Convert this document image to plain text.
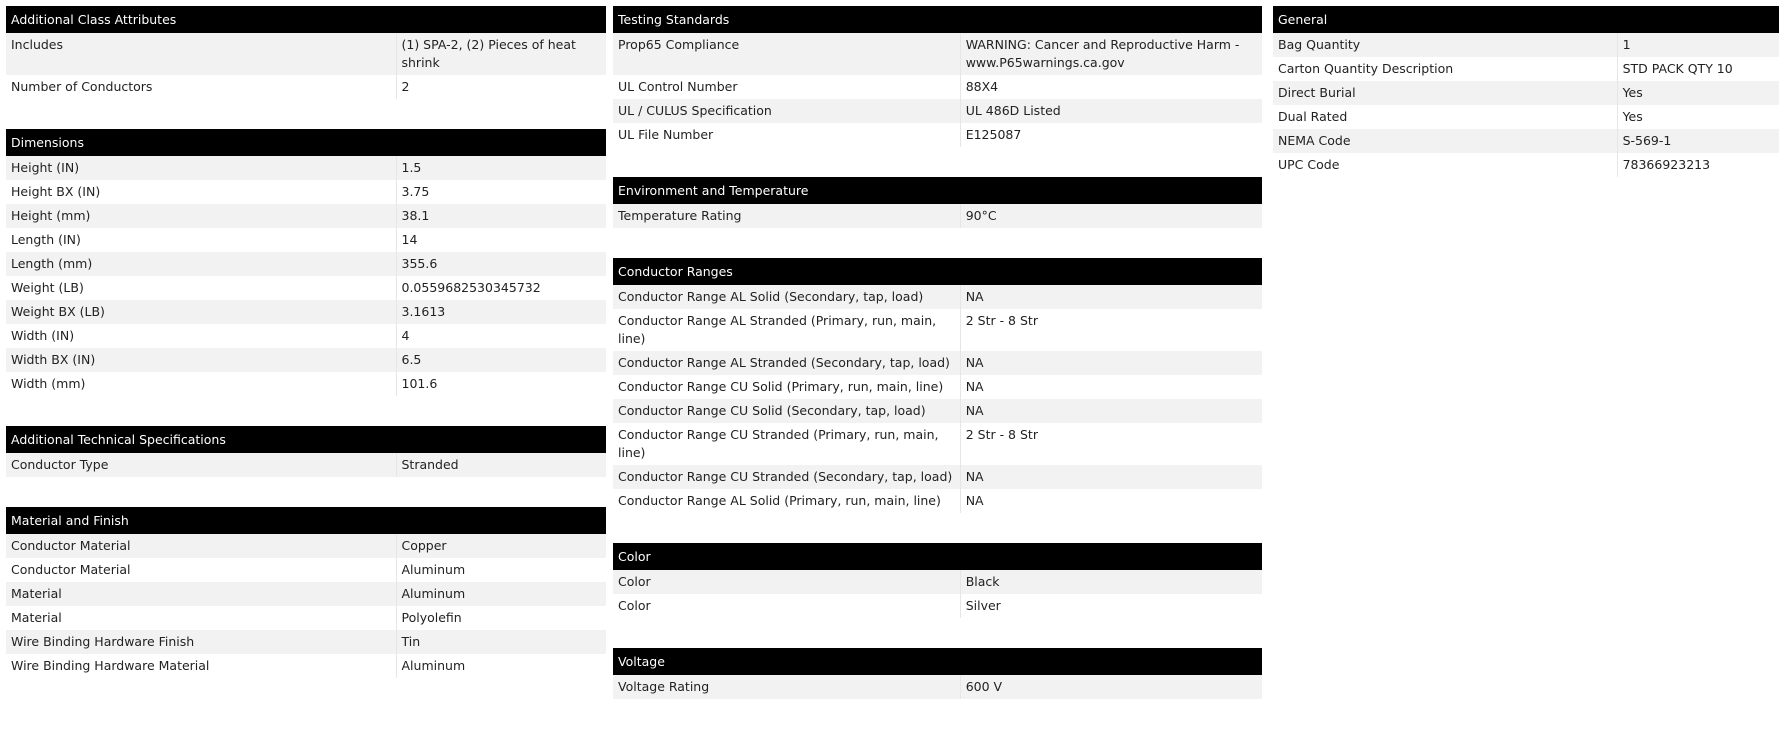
Additional Class Attributes
Includes	(1) SPA-2, (2) Pieces of heat shrink
Number of Conductors	2
Dimensions
Height (IN)	1.5
Height BX (IN)	3.75
Height (mm)	38.1
Length (IN)	14
Length (mm)	355.6
Weight (LB)	0.0559682530345732
Weight BX (LB)	3.1613
Width (IN)	4
Width BX (IN)	6.5
Width (mm)	101.6
Additional Technical Specifications
Conductor Type	Stranded
Material and Finish
Conductor Material	Copper
Conductor Material	Aluminum
Material	Aluminum
Material	Polyolefin
Wire Binding Hardware Finish	Tin
Wire Binding Hardware Material	Aluminum
Testing Standards
Prop65 Compliance	WARNING: Cancer and Reproductive Harm - www.P65warnings.ca.gov
UL Control Number	88X4
UL / CULUS Specification	UL 486D Listed
UL File Number	E125087
Environment and Temperature
Temperature Rating	90°C
Conductor Ranges
Conductor Range AL Solid (Secondary, tap, load)	NA
Conductor Range AL Stranded (Primary, run, main, line)	2 Str - 8 Str
Conductor Range AL Stranded (Secondary, tap, load)	NA
Conductor Range CU Solid (Primary, run, main, line)	NA
Conductor Range CU Solid (Secondary, tap, load)	NA
Conductor Range CU Stranded (Primary, run, main, line)	2 Str - 8 Str
Conductor Range CU Stranded (Secondary, tap, load)	NA
Conductor Range AL Solid (Primary, run, main, line)	NA
Color
Color	Black
Color	Silver
Voltage
Voltage Rating	600 V
General
Bag Quantity	1
Carton Quantity Description	STD PACK QTY 10
Direct Burial	Yes
Dual Rated	Yes
NEMA Code	S-569-1
UPC Code	78366923213
